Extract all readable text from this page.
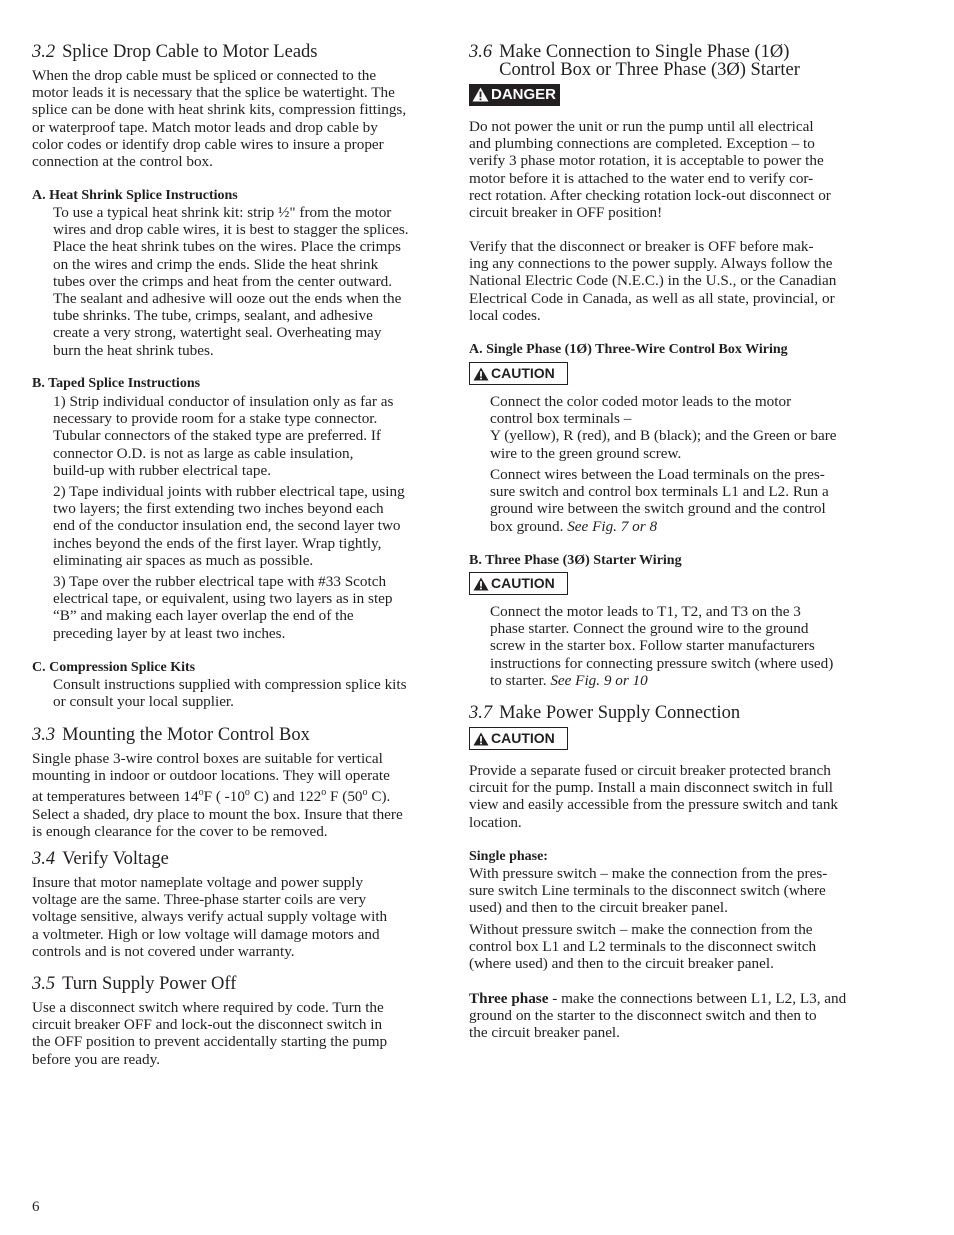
3.2 Splice Drop Cable to Motor Leads

When the drop cable must be spliced or connected to the

motor leads it is necessary that the splice be watertight. The

splice can be done with heat shrink kits, compression fittings,

or waterproof tape. Match motor leads and drop cable by

color codes or identify drop cable wires to insure a proper

connection at the control box.

A. Heat Shrink Splice Instructions

To use a typical heat shrink kit: strip ½" from the motor

wires and drop cable wires, it is best to stagger the splices.

Place the heat shrink tubes on the wires. Place the crimps

on the wires and crimp the ends. Slide the heat shrink

tubes over the crimps and heat from the center outward.

The sealant and adhesive will ooze out the ends when the

tube shrinks. The tube, crimps, sealant, and adhesive

create a very strong, watertight seal. Overheating may

burn the heat shrink tubes.

B. Taped Splice Instructions

1) Strip individual conductor of insulation only as far as

necessary to provide room for a stake type connector.

Tubular connectors of the staked type are preferred. If

connector O.D. is not as large as cable insulation,

build-up with rubber electrical tape.

2) Tape individual joints with rubber electrical tape, using

two layers; the first extending two inches beyond each

end of the conductor insulation end, the second layer two

inches beyond the ends of the first layer. Wrap tightly,

eliminating air spaces as much as possible.

3) Tape over the rubber electrical tape with #33 Scotch

electrical tape, or equivalent, using two layers as in step

“B” and making each layer overlap the end of the

preceding layer by at least two inches.

C. Compression Splice Kits

Consult instructions supplied with compression splice kits

or consult your local supplier.

3.3 Mounting the Motor Control Box

Single phase 3-wire control boxes are suitable for vertical

mounting in indoor or outdoor locations. They will operate

at temperatures between 14$^o$F ( -10$^o$ C) and 122$^o$ F (50$^o$ C).

Select a shaded, dry place to mount the box. Insure that there

is enough clearance for the cover to be removed.

3.4 Verify Voltage

Insure that motor nameplate voltage and power supply

voltage are the same. Three-phase starter coils are very

voltage sensitive, always verify actual supply voltage with

a voltmeter. High or low voltage will damage motors and

controls and is not covered under warranty.

3.5 Turn Supply Power Off

Use a disconnect switch where required by code. Turn the

circuit breaker OFF and lock-out the disconnect switch in

the OFF position to prevent accidentally starting the pump

before you are ready.

3.6 Make Connection to Single Phase (1Ø)
Control Box or Three Phase (3Ø) Starter
DANGER

Do not power the unit or run the pump until all electrical

and plumbing connections are completed. Exception – to

verify 3 phase motor rotation, it is acceptable to power the

motor before it is attached to the water end to verify cor-

rect rotation. After checking rotation lock-out disconnect or

circuit breaker in OFF position!

Verify that the disconnect or breaker is OFF before mak-

ing any connections to the power supply. Always follow the

National Electric Code (N.E.C.) in the U.S., or the Canadian

Electrical Code in Canada, as well as all state, provincial, or

local codes.

A. Single Phase (1Ø) Three-Wire Control Box Wiring
CAUTION

Connect the color coded motor leads to the motor

control box terminals –

Y (yellow), R (red), and B (black); and the Green or bare

wire to the green ground screw.

Connect wires between the Load terminals on the pres-

sure switch and control box terminals L1 and L2. Run a

ground wire between the switch ground and the control

box ground. See Fig. 7 or 8

B. Three Phase (3Ø) Starter Wiring
CAUTION

Connect the motor leads to T1, T2, and T3 on the 3

phase starter. Connect the ground wire to the ground

screw in the starter box. Follow starter manufacturers

instructions for connecting pressure switch (where used)

to starter. See Fig. 9 or 10

3.7 Make Power Supply Connection
CAUTION

Provide a separate fused or circuit breaker protected branch

circuit for the pump. Install a main disconnect switch in full

view and easily accessible from the pressure switch and tank

location.

Single phase:

With pressure switch – make the connection from the pres-

sure switch Line terminals to the disconnect switch (where

used) and then to the circuit breaker panel.

Without pressure switch – make the connection from the

control box L1 and L2 terminals to the disconnect switch

(where used) and then to the circuit breaker panel.

Three phase - make the connections between L1, L2, L3, and

ground on the starter to the disconnect switch and then to

the circuit breaker panel.

6
